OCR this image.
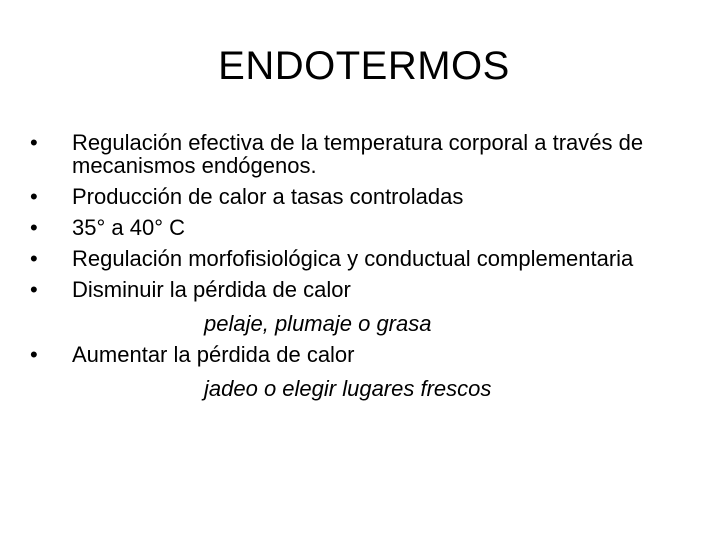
ENDOTERMOS
•	Regulación efectiva de la temperatura corporal a través de mecanismos endógenos.
•	Producción de calor a tasas controladas
•	35° a 40° C
•	Regulación morfofisiológica y conductual complementaria
•	Disminuir la pérdida de calor
pelaje, plumaje o grasa
•	Aumentar la pérdida de calor
jadeo o elegir lugares frescos
